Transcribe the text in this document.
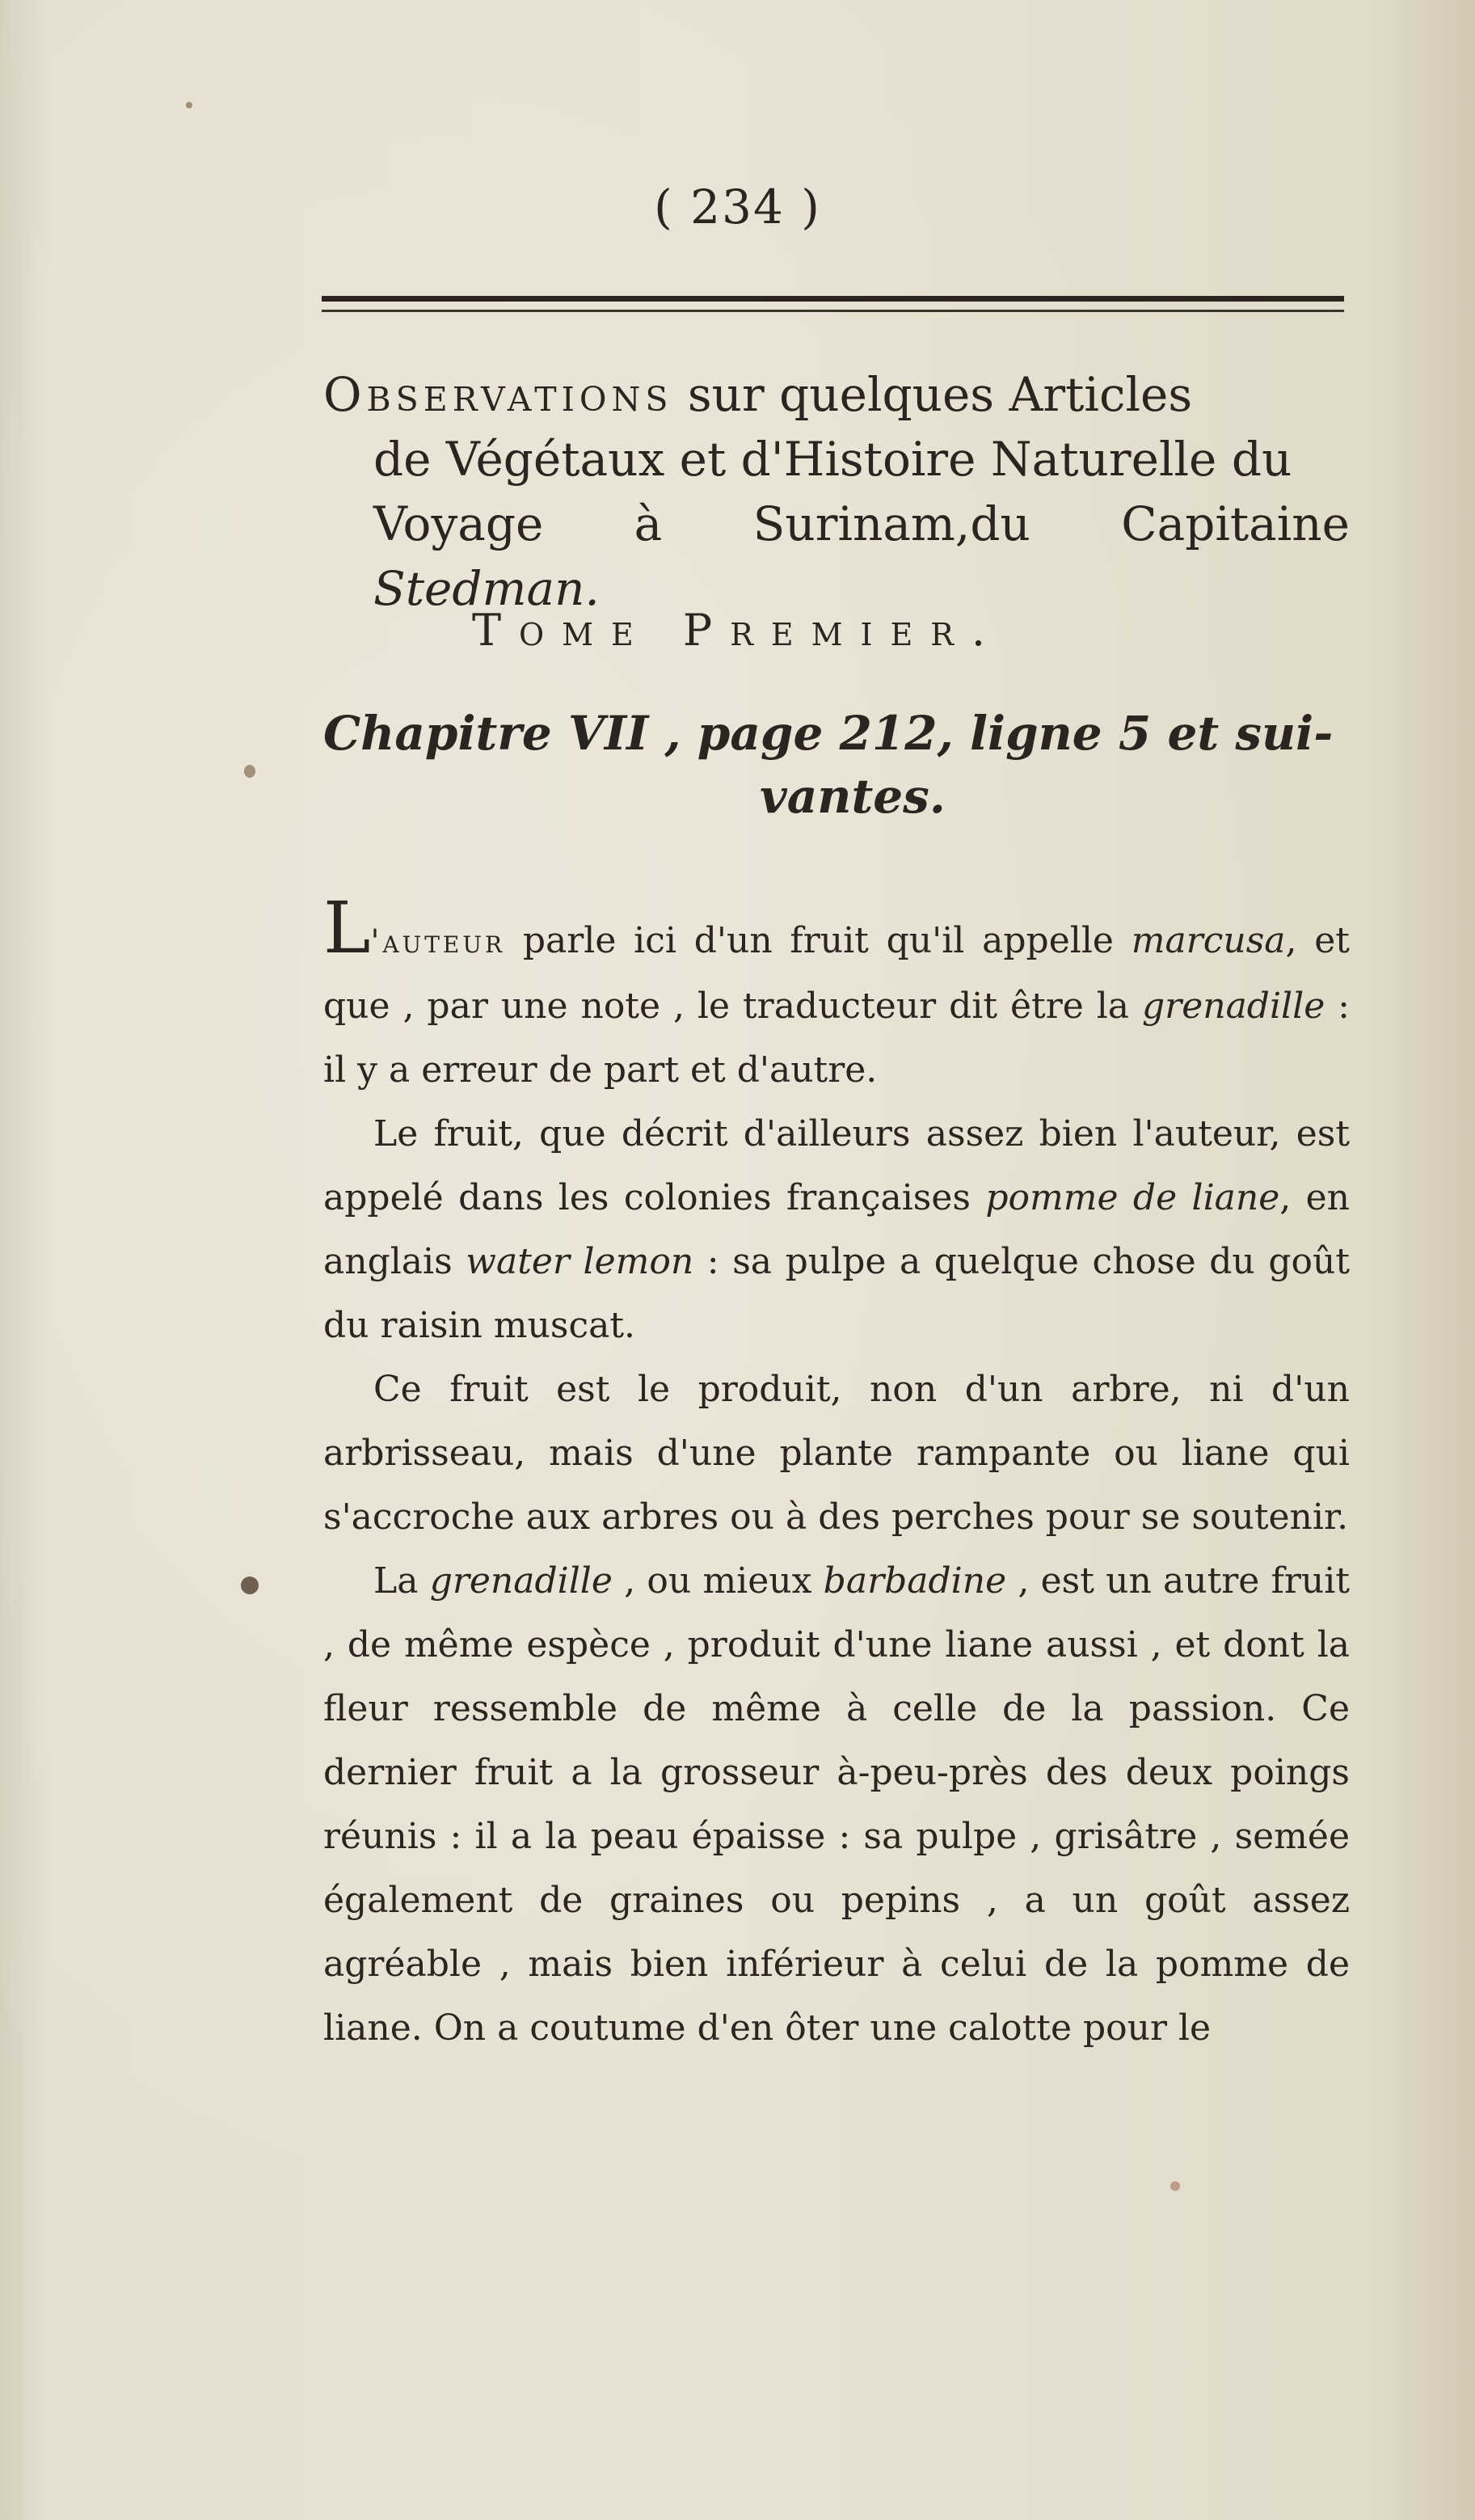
( 234 )
Observations sur quelques Articles
de Végétaux et d'Histoire Naturelle du
Voyage à Surinam,du Capitaine Stedman.
Tome Premier.
Chapitre VII , page 212, ligne 5 et sui-
vantes.

L'auteur parle ici d'un fruit qu'il appelle marcusa, et que , par une note , le traducteur dit être la grenadille : il y a erreur de part et d'autre.

Le fruit, que décrit d'ailleurs assez bien l'auteur, est appelé dans les colonies françaises pomme de liane, en anglais water lemon : sa pulpe a quelque chose du goût du raisin muscat.

Ce fruit est le produit, non d'un arbre, ni d'un arbrisseau, mais d'une plante rampante ou liane qui s'accroche aux arbres ou à des perches pour se soutenir.

La grenadille , ou mieux barbadine , est un autre fruit , de même espèce , produit d'une liane aussi , et dont la fleur ressemble de même à celle de la passion. Ce dernier fruit a la grosseur à-peu-près des deux poings réunis : il a la peau épaisse : sa pulpe , grisâtre , semée également de graines ou pepins , a un goût assez agréable , mais bien inférieur à celui de la pomme de liane. On a coutume d'en ôter une calotte pour le
